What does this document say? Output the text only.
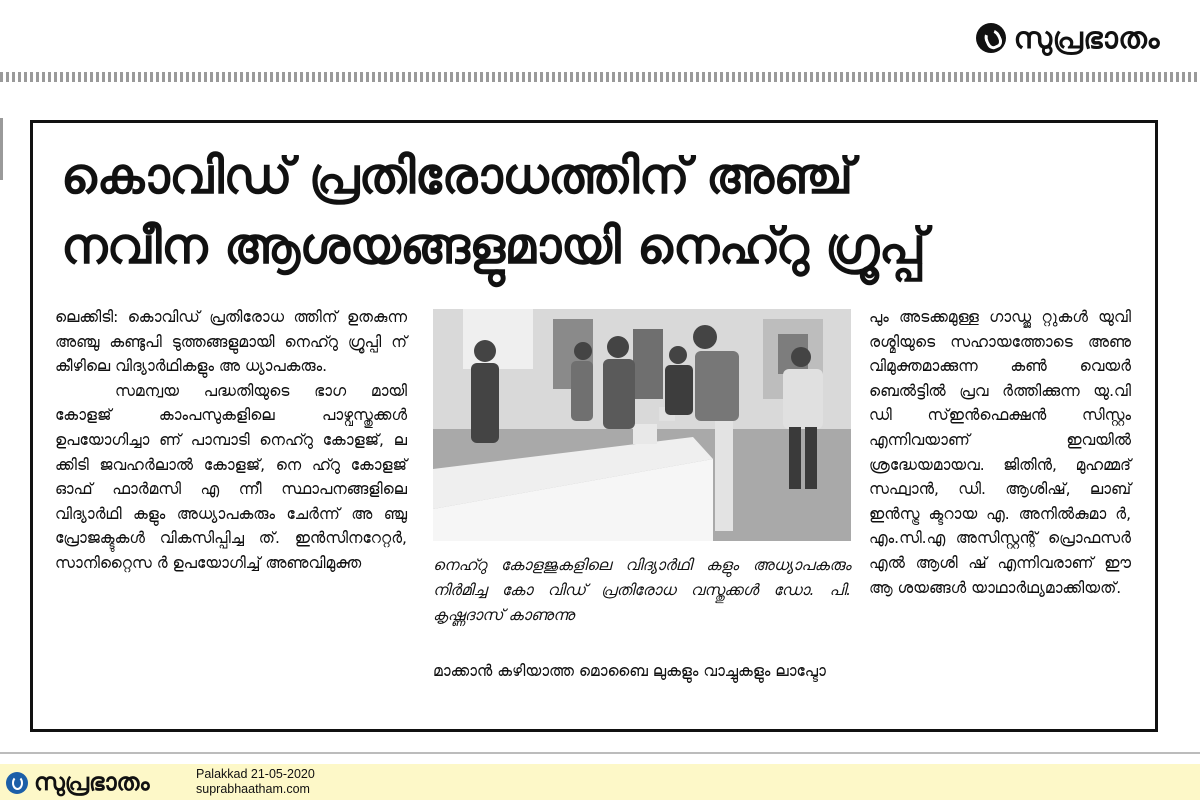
സുപ്രഭാതം
കൊവിഡ് പ്രതിരോധത്തിന് അഞ്ച്
നവീന ആശയങ്ങളുമായി നെഹ്റു ഗ്രൂപ്പ്

ലെക്കിടി: കൊവിഡ് പ്രതിരോധ ത്തിന് ഉതകുന്ന അഞ്ചു കണ്ടുപി ടുത്തങ്ങളുമായി നെഹ്റു ഗ്രൂപ്പി ന് കീഴിലെ വിദ്യാർഥികളും അ ധ്യാപകരും.

സമന്വയ പദ്ധതിയുടെ ഭാഗ മായി കോളജ് കാംപസുകളിലെ പാഴ്വസ്തുക്കൾ ഉപയോഗിച്ചാ ണ് പാമ്പാടി നെഹ്റു കോളജ്, ല ക്കിടി ജവഹർലാൽ കോളജ്, നെ ഹ്റു കോളജ് ഓഫ് ഫാർമസി എ ന്നീ സ്ഥാപനങ്ങളിലെ വിദ്യാർഥി കളും അധ്യാപകരും ചേർന്ന് അ ഞ്ചു പ്രോജക്ടുകൾ വികസിപ്പിച്ച ത്. ഇൻസിനറേറ്റർ, സാനിറ്റൈസ ർ ഉപയോഗിച്ച് അണുവിമുക്ത	നെഹ്റു കോളജുകളിലെ വിദ്യാർഥി കളും അധ്യാപകരും നിർമിച്ച കോ വിഡ് പ്രതിരോധ വസ്തുക്കൾ ഡോ. പി. കൃഷ്ണദാസ് കാണുന്നു

മാക്കാൻ കഴിയാത്ത മൊബൈ ലുകളും വാച്ചുകളും ലാപ്ടോ

പും അടക്കമുള്ള ഗാഡ്ജ റ്റുകൾ യുവി രശ്മിയുടെ സഹായത്തോടെ അണു വിമുക്തമാക്കുന്ന കൺ വെയർ ബെൽട്ടിൽ പ്രവ ർത്തിക്കുന്ന യു.വി ഡി സ്ഇൻഫെക്ഷൻ സിസ്റ്റം എന്നിവയാണ് ഇവയിൽ ശ്രദ്ധേയമായവ. ജിതിൻ, മുഹമ്മദ് സഫ്വാൻ, ഡി. ആശിഷ്, ലാബ് ഇൻസ്ട്ര ക്ടറായ എ. അനിൽകുമാ ർ, എം.സി.എ അസിസ്റ്റന്റ് പ്രൊഫസർ എൽ ആശി ഷ് എന്നിവരാണ് ഈ ആ ശയങ്ങൾ യാഥാർഥ്യമാക്കിയത്.

സുപ്രഭാതം	Palakkad 21-05-2020
suprabhaatham.com
